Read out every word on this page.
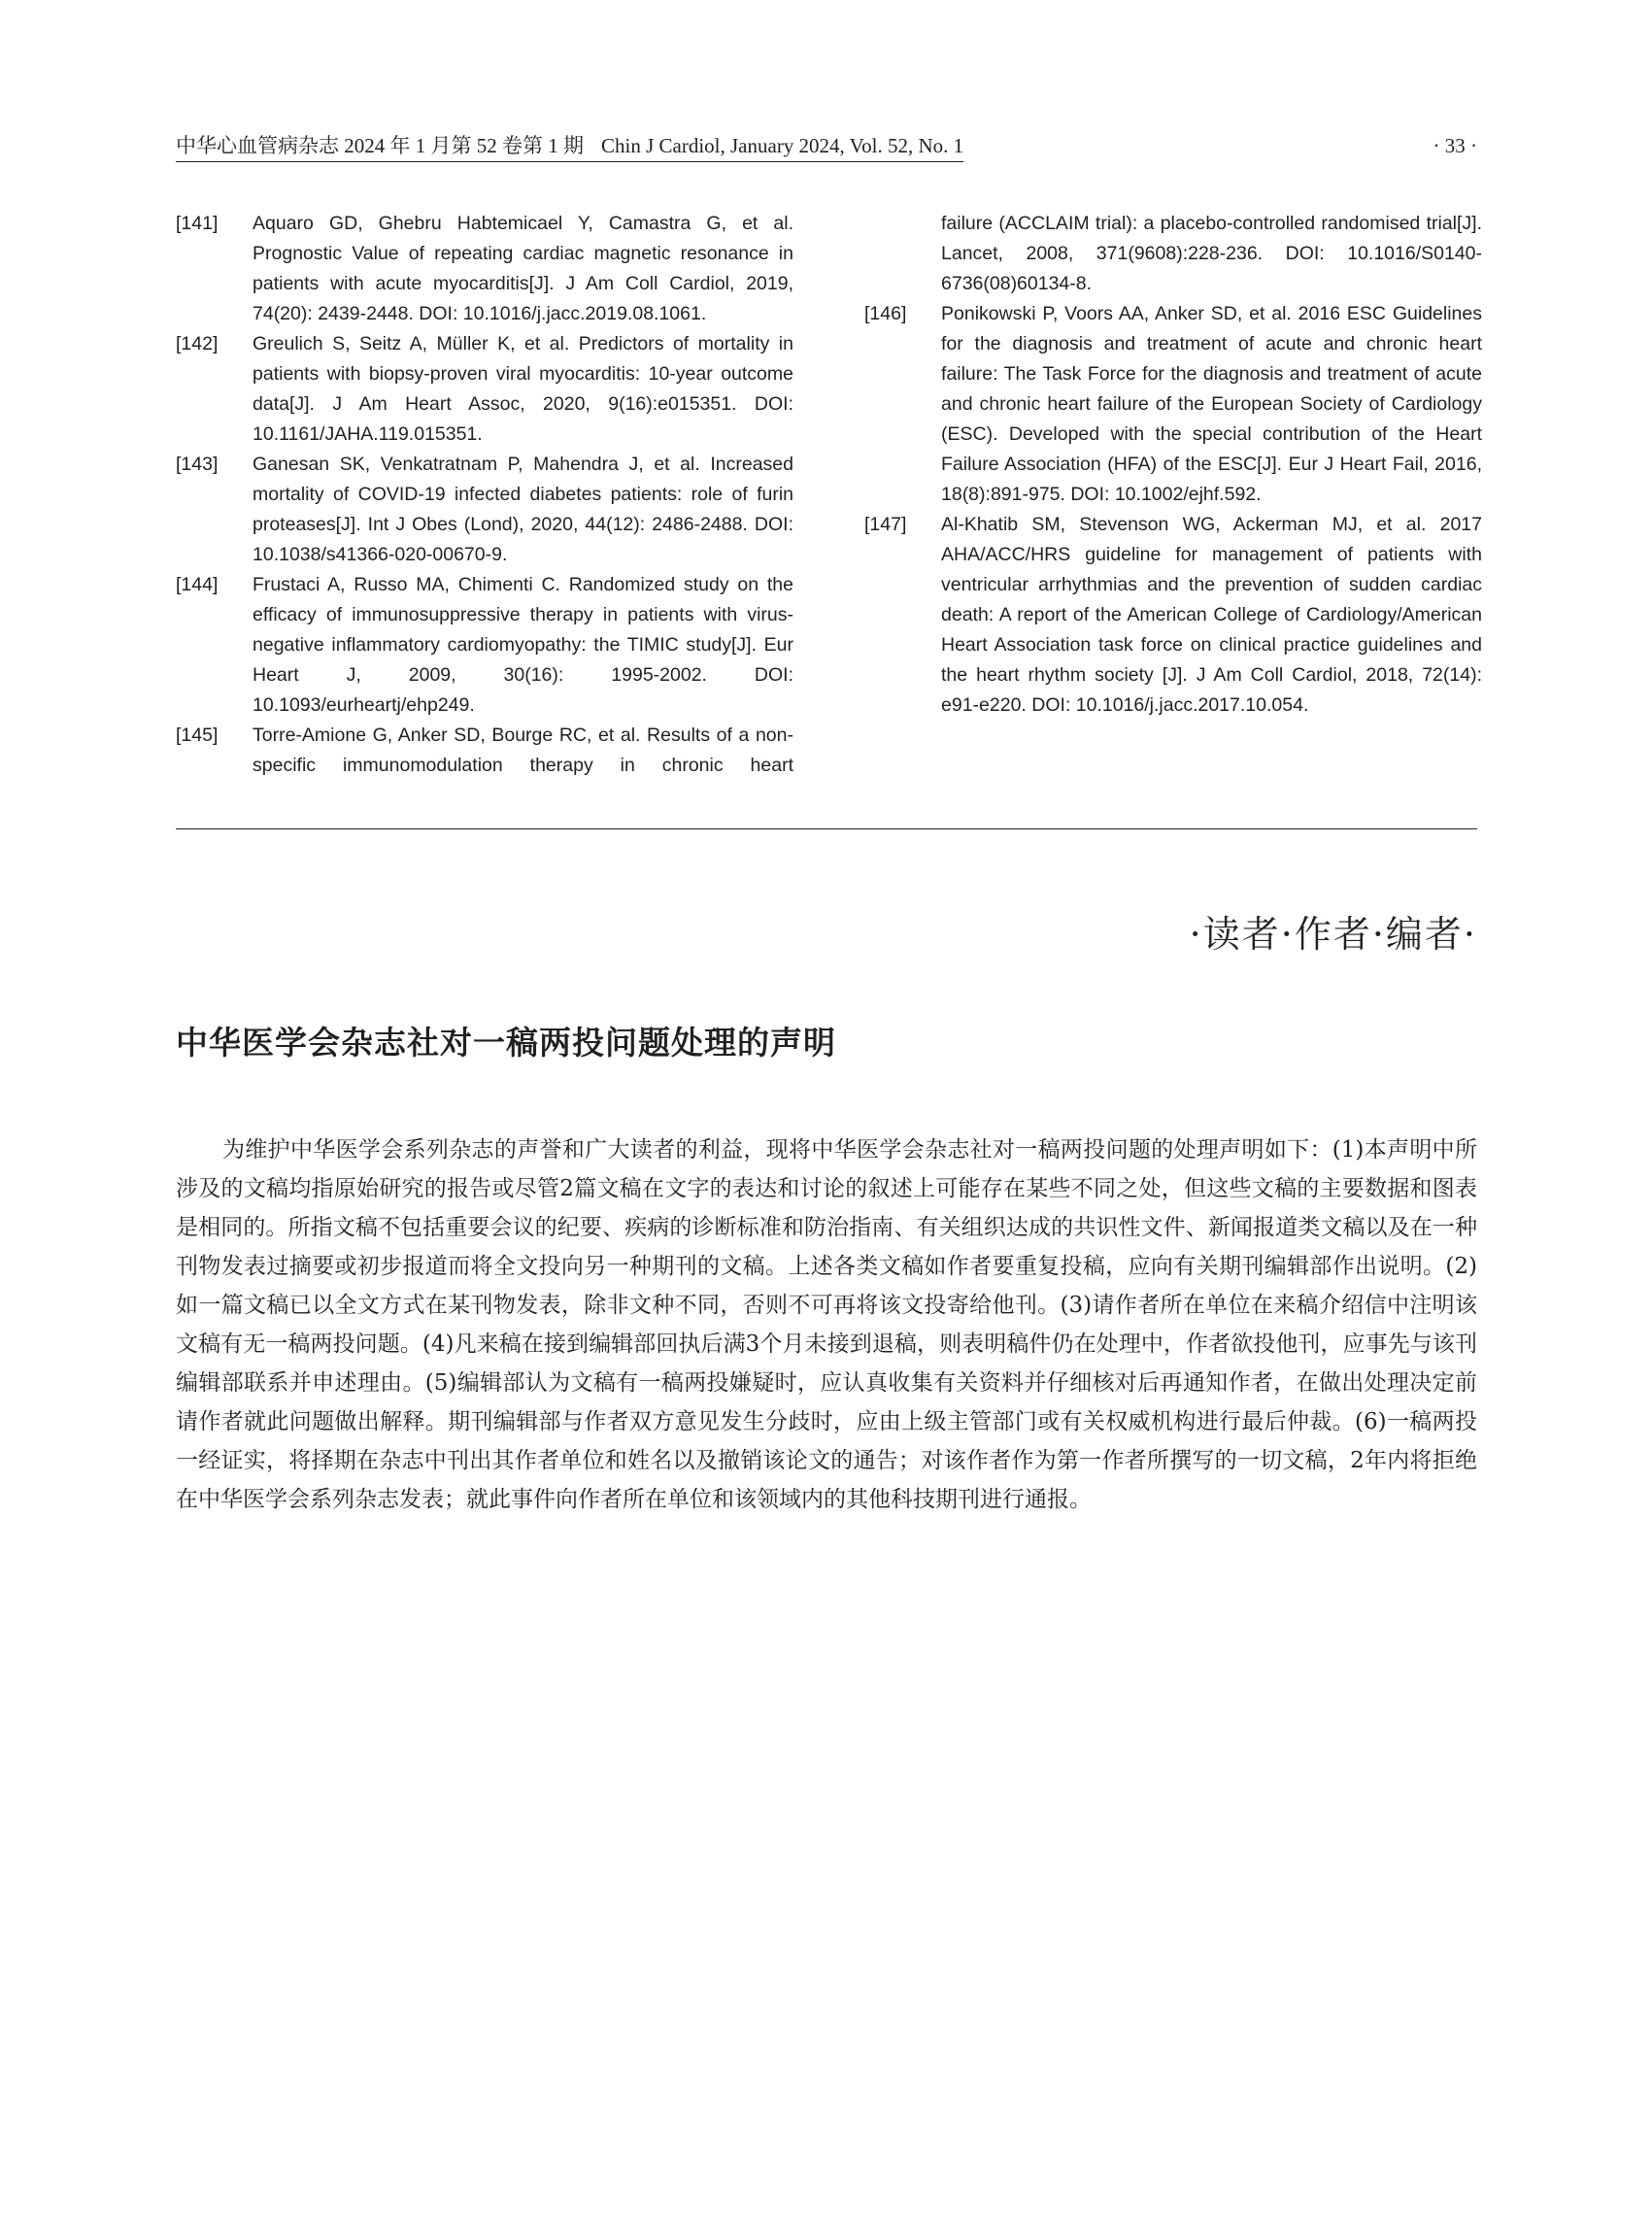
中华心血管病杂志 2024 年 1 月第 52 卷第 1 期 Chin J Cardiol, January 2024, Vol. 52, No. 1	· 33 ·
[141] Aquaro GD, Ghebru Habtemicael Y, Camastra G, et al. Prognostic Value of repeating cardiac magnetic resonance in patients with acute myocarditis[J]. J Am Coll Cardiol, 2019, 74(20): 2439-2448. DOI: 10.1016/j.jacc.2019.08.1061.
[142] Greulich S, Seitz A, Müller K, et al. Predictors of mortality in patients with biopsy-proven viral myocarditis: 10-year outcome data[J]. J Am Heart Assoc, 2020, 9(16):e015351. DOI: 10.1161/JAHA.119.015351.
[143] Ganesan SK, Venkatratnam P, Mahendra J, et al. Increased mortality of COVID-19 infected diabetes patients: role of furin proteases[J]. Int J Obes (Lond), 2020, 44(12): 2486-2488. DOI: 10.1038/s41366-020-00670-9.
[144] Frustaci A, Russo MA, Chimenti C. Randomized study on the efficacy of immunosuppressive therapy in patients with virus-negative inflammatory cardiomyopathy: the TIMIC study[J]. Eur Heart J, 2009, 30(16): 1995-2002. DOI: 10.1093/eurheartj/ehp249.
[145] Torre-Amione G, Anker SD, Bourge RC, et al. Results of a non-specific immunomodulation therapy in chronic heart
failure (ACCLAIM trial): a placebo-controlled randomised trial[J]. Lancet, 2008, 371(9608):228-236. DOI: 10.1016/S0140-6736(08)60134-8.
[146] Ponikowski P, Voors AA, Anker SD, et al. 2016 ESC Guidelines for the diagnosis and treatment of acute and chronic heart failure: The Task Force for the diagnosis and treatment of acute and chronic heart failure of the European Society of Cardiology (ESC). Developed with the special contribution of the Heart Failure Association (HFA) of the ESC[J]. Eur J Heart Fail, 2016, 18(8):891-975. DOI: 10.1002/ejhf.592.
[147] Al-Khatib SM, Stevenson WG, Ackerman MJ, et al. 2017 AHA/ACC/HRS guideline for management of patients with ventricular arrhythmias and the prevention of sudden cardiac death: A report of the American College of Cardiology/American Heart Association task force on clinical practice guidelines and the heart rhythm society [J]. J Am Coll Cardiol, 2018, 72(14): e91-e220. DOI: 10.1016/j.jacc.2017.10.054.
·读者·作者·编者·
中华医学会杂志社对一稿两投问题处理的声明

为维护中华医学会系列杂志的声誉和广大读者的利益，现将中华医学会杂志社对一稿两投问题的处理声明如下：(1)本声明中所涉及的文稿均指原始研究的报告或尽管2篇文稿在文字的表达和讨论的叙述上可能存在某些不同之处，但这些文稿的主要数据和图表是相同的。所指文稿不包括重要会议的纪要、疾病的诊断标准和防治指南、有关组织达成的共识性文件、新闻报道类文稿以及在一种刊物发表过摘要或初步报道而将全文投向另一种期刊的文稿。上述各类文稿如作者要重复投稿，应向有关期刊编辑部作出说明。(2)如一篇文稿已以全文方式在某刊物发表，除非文种不同，否则不可再将该文投寄给他刊。(3)请作者所在单位在来稿介绍信中注明该文稿有无一稿两投问题。(4)凡来稿在接到编辑部回执后满3个月未接到退稿，则表明稿件仍在处理中，作者欲投他刊，应事先与该刊编辑部联系并申述理由。(5)编辑部认为文稿有一稿两投嫌疑时，应认真收集有关资料并仔细核对后再通知作者，在做出处理决定前请作者就此问题做出解释。期刊编辑部与作者双方意见发生分歧时，应由上级主管部门或有关权威机构进行最后仲裁。(6)一稿两投一经证实，将择期在杂志中刊出其作者单位和姓名以及撤销该论文的通告；对该作者作为第一作者所撰写的一切文稿，2年内将拒绝在中华医学会系列杂志发表；就此事件向作者所在单位和该领域内的其他科技期刊进行通报。
